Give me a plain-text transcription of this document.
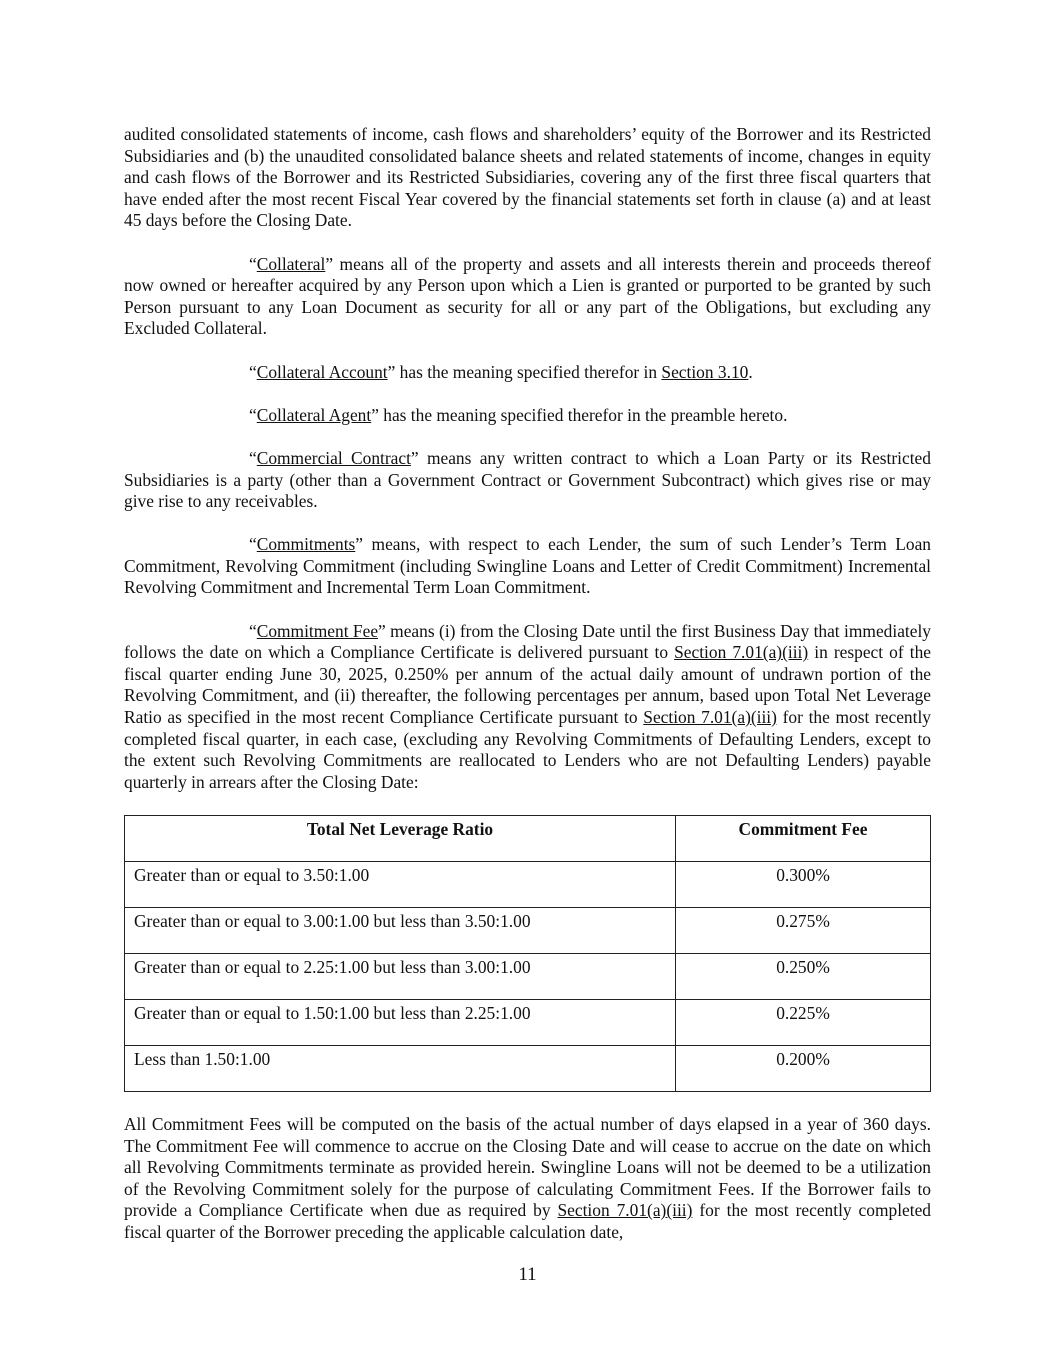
audited consolidated statements of income, cash flows and shareholders’ equity of the Borrower and its Restricted Subsidiaries and (b) the unaudited consolidated balance sheets and related statements of income, changes in equity and cash flows of the Borrower and its Restricted Subsidiaries, covering any of the first three fiscal quarters that have ended after the most recent Fiscal Year covered by the financial statements set forth in clause (a) and at least 45 days before the Closing Date.

“Collateral” means all of the property and assets and all interests therein and proceeds thereof now owned or hereafter acquired by any Person upon which a Lien is granted or purported to be granted by such Person pursuant to any Loan Document as security for all or any part of the Obligations, but excluding any Excluded Collateral.

“Collateral Account” has the meaning specified therefor in Section 3.10.

“Collateral Agent” has the meaning specified therefor in the preamble hereto.

“Commercial Contract” means any written contract to which a Loan Party or its Restricted Subsidiaries is a party (other than a Government Contract or Government Subcontract) which gives rise or may give rise to any receivables.

“Commitments” means, with respect to each Lender, the sum of such Lender’s Term Loan Commitment, Revolving Commitment (including Swingline Loans and Letter of Credit Commitment) Incremental Revolving Commitment and Incremental Term Loan Commitment.

“Commitment Fee” means (i) from the Closing Date until the first Business Day that immediately follows the date on which a Compliance Certificate is delivered pursuant to Section 7.01(a)(iii) in respect of the fiscal quarter ending June 30, 2025, 0.250% per annum of the actual daily amount of undrawn portion of the Revolving Commitment, and (ii) thereafter, the following percentages per annum, based upon Total Net Leverage Ratio as specified in the most recent Compliance Certificate pursuant to Section 7.01(a)(iii) for the most recently completed fiscal quarter, in each case, (excluding any Revolving Commitments of Defaulting Lenders, except to the extent such Revolving Commitments are reallocated to Lenders who are not Defaulting Lenders) payable quarterly in arrears after the Closing Date:

Total Net Leverage Ratio	Commitment Fee
Greater than or equal to 3.50:1.00	0.300%
Greater than or equal to 3.00:1.00 but less than 3.50:1.00	0.275%
Greater than or equal to 2.25:1.00 but less than 3.00:1.00	0.250%
Greater than or equal to 1.50:1.00 but less than 2.25:1.00	0.225%
Less than 1.50:1.00	0.200%

All Commitment Fees will be computed on the basis of the actual number of days elapsed in a year of 360 days. The Commitment Fee will commence to accrue on the Closing Date and will cease to accrue on the date on which all Revolving Commitments terminate as provided herein. Swingline Loans will not be deemed to be a utilization of the Revolving Commitment solely for the purpose of calculating Commitment Fees. If the Borrower fails to provide a Compliance Certificate when due as required by Section 7.01(a)(iii) for the most recently completed fiscal quarter of the Borrower preceding the applicable calculation date,

11
